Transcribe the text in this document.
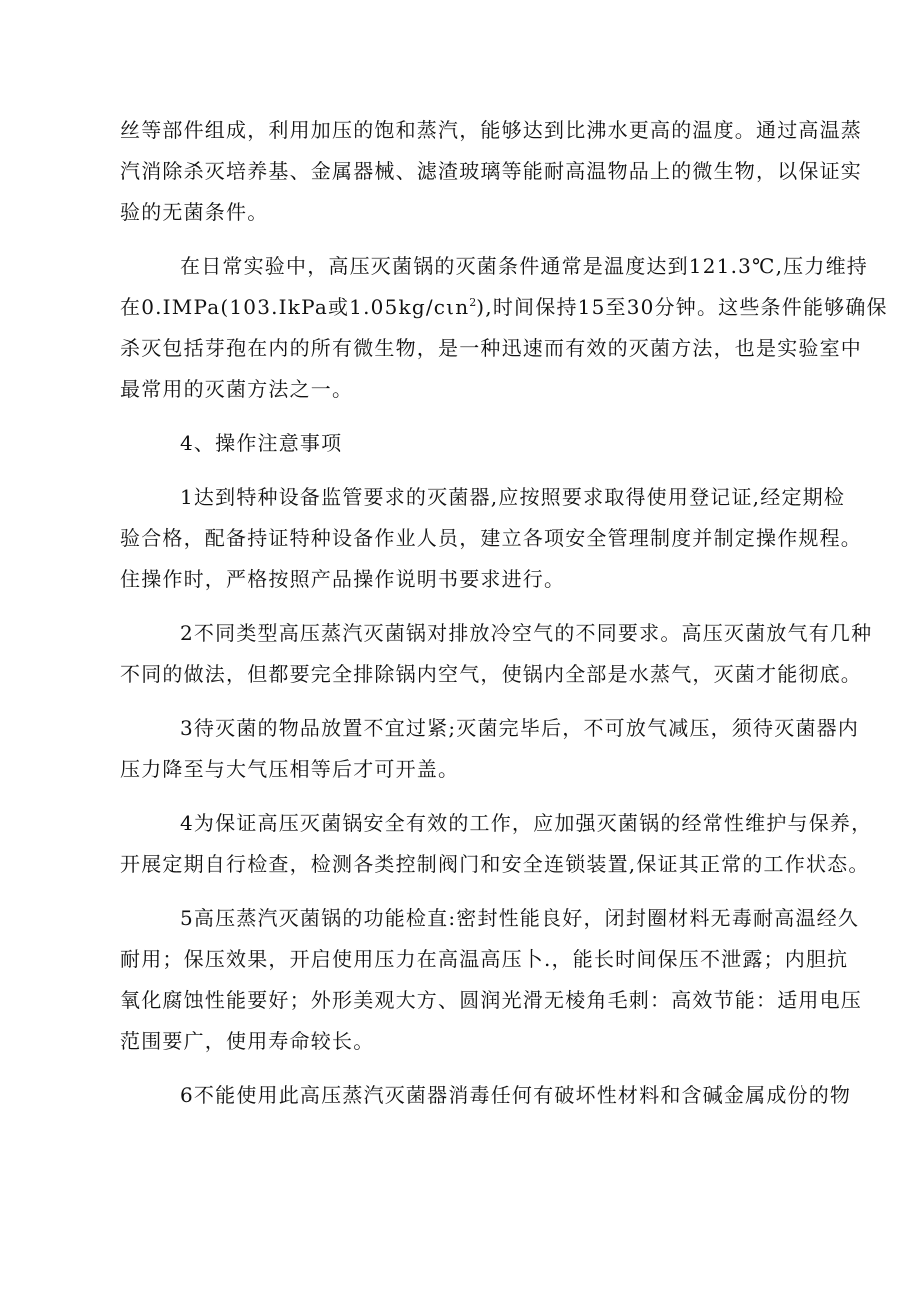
丝等部件组成，利用加压的饱和蒸汽，能够达到比沸水更高的温度。通过高温蒸
汽消除杀灭培养基、金属器械、滤渣玻璃等能耐高温物品上的微生物，以保证实
验的无菌条件。

在日常实验中，高压灭菌锅的灭菌条件通常是温度达到121.3℃,压力维持
在0.IMPa(103.IkPa或1.05kg/cιn$^2$),时间保持15至30分钟。这些条件能够确保
杀灭包括芽孢在内的所有微生物，是一种迅速而有效的灭菌方法，也是实验室中
最常用的灭菌方法之一。

4、操作注意事项

1达到特种设备监管要求的灭菌器,应按照要求取得使用登记证,经定期检
验合格，配备持证特种设备作业人员，建立各项安全管理制度并制定操作规程。
住操作时，严格按照产品操作说明书要求进行。

2不同类型高压蒸汽灭菌锅对排放冷空气的不同要求。高压灭菌放气有几种
不同的做法，但都要完全排除锅内空气，使锅内全部是水蒸气，灭菌才能彻底。

3待灭菌的物品放置不宜过紧;灭菌完毕后，不可放气减压，须待灭菌器内
压力降至与大气压相等后才可开盖。

4为保证高压灭菌锅安全有效的工作，应加强灭菌锅的经常性维护与保养，
开展定期自行检查，检测各类控制阀门和安全连锁装置,保证其正常的工作状态。

5高压蒸汽灭菌锅的功能检直:密封性能良好，闭封圈材料无毒耐高温经久
耐用；保压效果，开启使用压力在高温高压卜.，能长时间保压不泄露；内胆抗
氧化腐蚀性能要好；外形美观大方、圆润光滑无棱角毛刺：高效节能：适用电压
范围要广，使用寿命较长。

6不能使用此高压蒸汽灭菌器消毒任何有破坏性材料和含碱金属成份的物
